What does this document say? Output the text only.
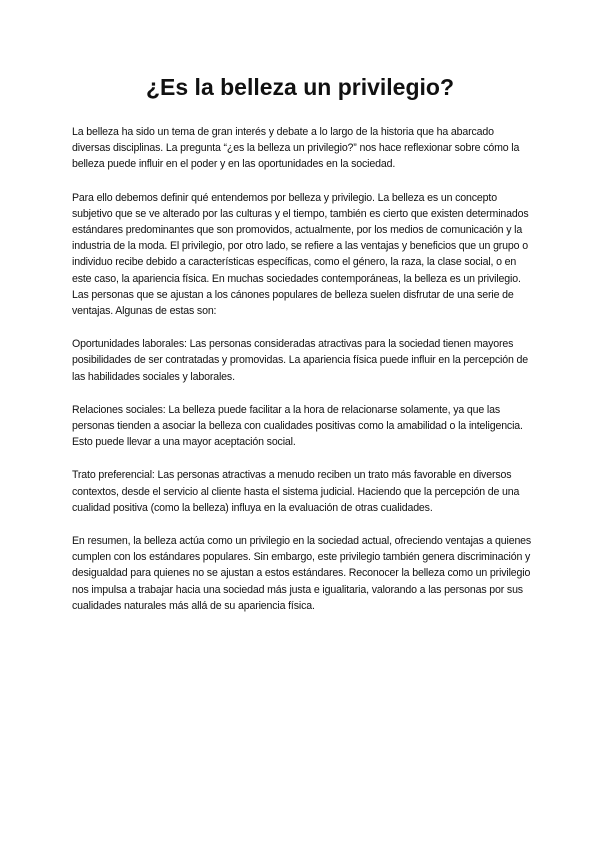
¿Es la belleza un privilegio?

La belleza ha sido un tema de gran interés y debate a lo largo de la historia que ha abarcado diversas disciplinas. La pregunta “¿es la belleza un privilegio?” nos hace reflexionar sobre cómo la belleza puede influir en el poder y en las oportunidades en la sociedad.

Para ello debemos definir qué entendemos por belleza y privilegio. La belleza es un concepto subjetivo que se ve alterado por las culturas y el tiempo, también es cierto que existen determinados estándares predominantes que son promovidos, actualmente, por los medios de comunicación y la industria de la moda. El privilegio, por otro lado, se refiere a las ventajas y beneficios que un grupo o individuo recibe debido a características específicas, como el género, la raza, la clase social, o en este caso, la apariencia física. En muchas sociedades contemporáneas, la belleza es un privilegio. Las personas que se ajustan a los cánones populares de belleza suelen disfrutar de una serie de ventajas. Algunas de estas son:

Oportunidades laborales: Las personas consideradas atractivas para la sociedad tienen mayores posibilidades de ser contratadas y promovidas. La apariencia física puede influir en la percepción de las habilidades sociales y laborales.

Relaciones sociales: La belleza puede facilitar a la hora de relacionarse solamente, ya que las personas tienden a asociar la belleza con cualidades positivas como la amabilidad o la inteligencia. Esto puede llevar a una mayor aceptación social.

Trato preferencial: Las personas atractivas a menudo reciben un trato más favorable en diversos contextos, desde el servicio al cliente hasta el sistema judicial. Haciendo que la percepción de una cualidad positiva (como la belleza) influya en la evaluación de otras cualidades.

En resumen, la belleza actúa como un privilegio en la sociedad actual, ofreciendo ventajas a quienes cumplen con los estándares populares. Sin embargo, este privilegio también genera discriminación y desigualdad para quienes no se ajustan a estos estándares. Reconocer la belleza como un privilegio nos impulsa a trabajar hacia una sociedad más justa e igualitaria, valorando a las personas por sus cualidades naturales más allá de su apariencia física.
